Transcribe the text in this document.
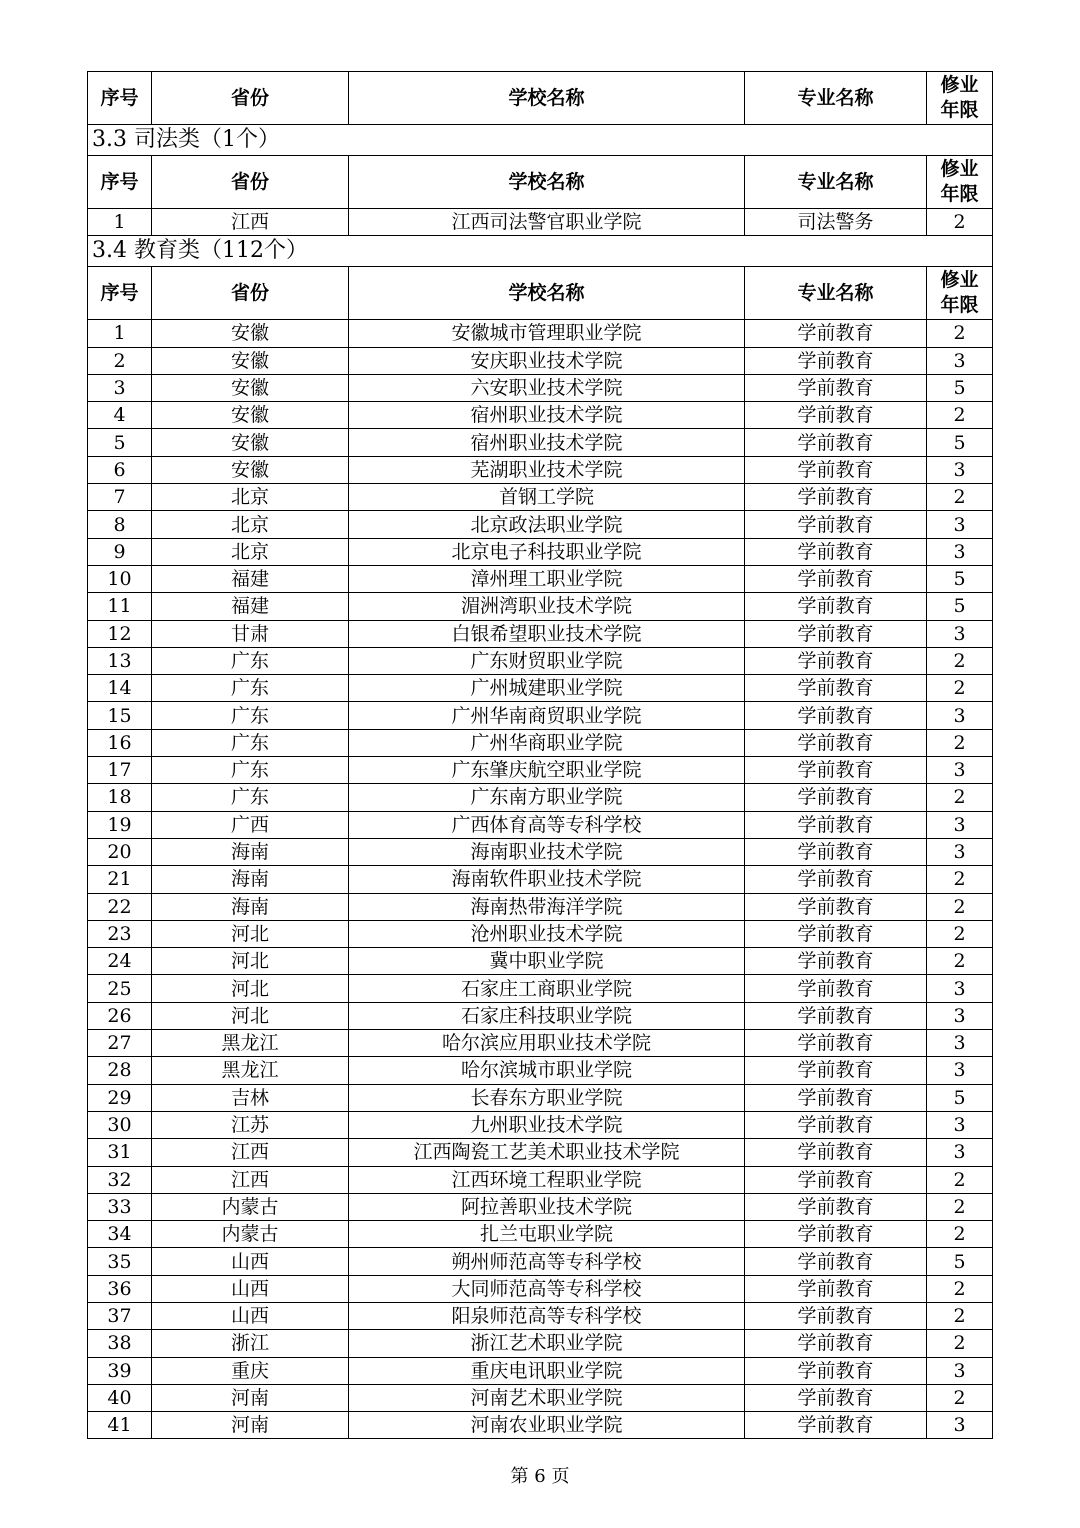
序号	省份	学校名称	专业名称	修业
年限
3.3 司法类（1个）				
序号	省份	学校名称	专业名称	修业
年限
1	江西	江西司法警官职业学院	司法警务	2
3.4 教育类（112个）				
序号	省份	学校名称	专业名称	修业
年限
1	安徽	安徽城市管理职业学院	学前教育	2
2	安徽	安庆职业技术学院	学前教育	3
3	安徽	六安职业技术学院	学前教育	5
4	安徽	宿州职业技术学院	学前教育	2
5	安徽	宿州职业技术学院	学前教育	5
6	安徽	芜湖职业技术学院	学前教育	3
7	北京	首钢工学院	学前教育	2
8	北京	北京政法职业学院	学前教育	3
9	北京	北京电子科技职业学院	学前教育	3
10	福建	漳州理工职业学院	学前教育	5
11	福建	湄洲湾职业技术学院	学前教育	5
12	甘肃	白银希望职业技术学院	学前教育	3
13	广东	广东财贸职业学院	学前教育	2
14	广东	广州城建职业学院	学前教育	2
15	广东	广州华南商贸职业学院	学前教育	3
16	广东	广州华商职业学院	学前教育	2
17	广东	广东肇庆航空职业学院	学前教育	3
18	广东	广东南方职业学院	学前教育	2
19	广西	广西体育高等专科学校	学前教育	3
20	海南	海南职业技术学院	学前教育	3
21	海南	海南软件职业技术学院	学前教育	2
22	海南	海南热带海洋学院	学前教育	2
23	河北	沧州职业技术学院	学前教育	2
24	河北	冀中职业学院	学前教育	2
25	河北	石家庄工商职业学院	学前教育	3
26	河北	石家庄科技职业学院	学前教育	3
27	黑龙江	哈尔滨应用职业技术学院	学前教育	3
28	黑龙江	哈尔滨城市职业学院	学前教育	3
29	吉林	长春东方职业学院	学前教育	5
30	江苏	九州职业技术学院	学前教育	3
31	江西	江西陶瓷工艺美术职业技术学院	学前教育	3
32	江西	江西环境工程职业学院	学前教育	2
33	内蒙古	阿拉善职业技术学院	学前教育	2
34	内蒙古	扎兰屯职业学院	学前教育	2
35	山西	朔州师范高等专科学校	学前教育	5
36	山西	大同师范高等专科学校	学前教育	2
37	山西	阳泉师范高等专科学校	学前教育	2
38	浙江	浙江艺术职业学院	学前教育	2
39	重庆	重庆电讯职业学院	学前教育	3
40	河南	河南艺术职业学院	学前教育	2
41	河南	河南农业职业学院	学前教育	3
第 6 页
